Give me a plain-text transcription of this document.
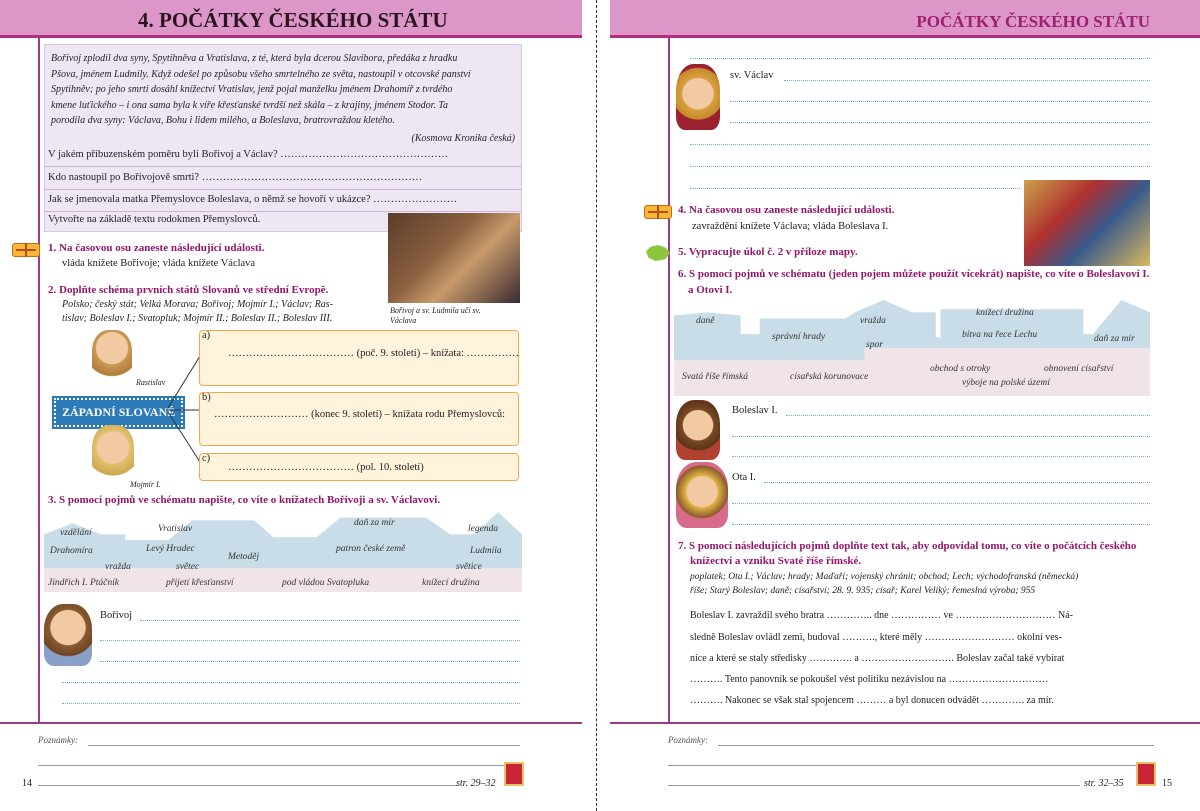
4. POČÁTKY ČESKÉHO STÁTU
Bořivoj zplodil dva syny, Spytihněva a Vratislava, z té, která byla dcerou Slavibora, předáka z hradku
Pšova, jménem Ludmily. Když odešel po způsobu všeho smrtelného ze světa, nastoupil v otcovské panství
Spytihněv; po jeho smrti dosáhl knížectví Vratislav, jenž pojal manželku jménem Drahomíř z tvrdého
kmene luťického – i ona sama byla k víře křesťanské tvrdší než skála – z krajiny, jménem Stodor. Ta
porodila dva syny: Václava, Bohu i lidem milého, a Boleslava, bratrovraždou kletého.
(Kosmova Kronika česká)
V jakém příbuzenském poměru byli Bořivoj a Václav? …………………………………………
Kdo nastoupil po Bořivojově smrti? ………………………………………………………
Jak se jmenovala matka Přemyslovce Boleslava, o němž se hovoří v ukázce? ……………………
Vytvořte na základě textu rodokmen Přemyslovců.
Bořivoj a sv. Ludmila učí sv. Václava
1. Na časovou osu zaneste následující události.
vláda knížete Bořivoje; vláda knížete Václava
2. Doplňte schéma prvních států Slovanů ve střední Evropě.
Polsko; český stát; Velká Morava; Bořivoj; Mojmír I.; Václav; Ras-
tislav; Boleslav I.; Svatopluk; Mojmír II.; Boleslav II.; Boleslav III.
Rastislav
ZÁPADNÍ SLOVANÉ
Mojmír I.
a)
……………………………… (poč. 9. století) – knížata: ……………
b)
……………………… (konec 9. století) – knížata rodu Přemyslovců:
c)
……………………………… (pol. 10. století)
3. S pomocí pojmů ve schématu napište, co víte o knížatech Bořivoji a sv. Václavovi.
vzdělání	Vratislav
daň za mír
legenda
Drahomíra	Levý Hradec
Metoděj
patron české země	Ludmila
vražda	světec	světice
Jindřich I. Ptáčník	přijetí křesťanství	pod vládou Svatopluka	knížecí družina
Bořivoj
Poznámky:
14	str. 29–32
POČÁTKY ČESKÉHO STÁTU
sv. Václav
4. Na časovou osu zaneste následující události.
zavraždění knížete Václava; vláda Boleslava I.
5. Vypracujte úkol č. 2 v příloze mapy.
6. S pomocí pojmů ve schématu (jeden pojem můžete použít vícekrát) napište, co víte o Boleslavovi I.
a Otovi I.
daně	vražda
knížecí družina
správní hrady	bitva na řece Lechu	daň za mír
spor
Svatá říše římská	císařská korunovace
obchod s otroky	obnovení císařství
výboje na polské území
Boleslav I.
Ota I.
7. S pomocí následujících pojmů doplňte text tak, aby odpovídal tomu, co víte o počátcích českého
knížectví a vzniku Svaté říše římské.
poplatek; Ota I.; Václav; hrady; Maďaři; vojenský chránit; obchod; Lech; východofranská (německá)
říše; Starý Boleslav; daně; císařství; 28. 9. 935; císař; Karel Veliký; řemeslná výroba; 955
Boleslav I. zavraždil svého bratra ………….. dne …………… ve ………………………… Ná-
sledně Boleslav ovládl zemi, budoval ………., které měly ……………………… okolní ves-
nice a které se staly středisky …………. a ………………………. Boleslav začal také vybírat
………. Tento panovník se pokoušel vést politiku nezávislou na …………………………
………. Nakonec se však stal spojencem ……… a byl donucen odvádět …………. za mír.
Poznámky:
str. 32–35	15
